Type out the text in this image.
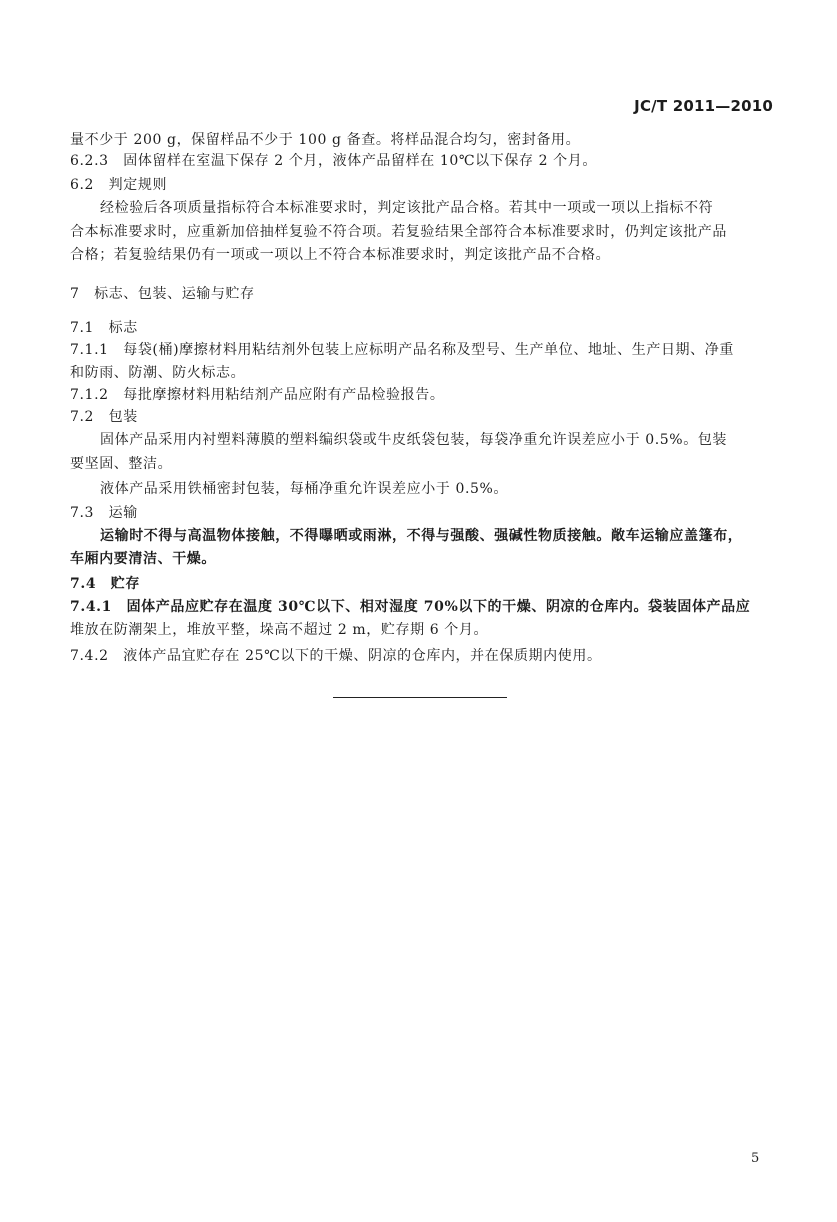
JC/T 2011—2010
量不少于 200 g，保留样品不少于 100 g 备查。将样品混合均匀，密封备用。
6.2.3　固体留样在室温下保存 2 个月，液体产品留样在 10℃以下保存 2 个月。
6.2　判定规则
经检验后各项质量指标符合本标准要求时，判定该批产品合格。若其中一项或一项以上指标不符
合本标准要求时，应重新加倍抽样复验不符合项。若复验结果全部符合本标准要求时，仍判定该批产品
合格；若复验结果仍有一项或一项以上不符合本标准要求时，判定该批产品不合格。
7　标志、包装、运输与贮存
7.1　标志
7.1.1　每袋(桶)摩擦材料用粘结剂外包装上应标明产品名称及型号、生产单位、地址、生产日期、净重
和防雨、防潮、防火标志。
7.1.2　每批摩擦材料用粘结剂产品应附有产品检验报告。
7.2　包装
固体产品采用内衬塑料薄膜的塑料编织袋或牛皮纸袋包装，每袋净重允许误差应小于 0.5%。包装
要坚固、整洁。
液体产品采用铁桶密封包装，每桶净重允许误差应小于 0.5%。
7.3　运输
运输时不得与高温物体接触，不得曝晒或雨淋，不得与强酸、强碱性物质接触。敞车运输应盖篷布，
车厢内要清洁、干燥。
7.4　贮存
7.4.1　固体产品应贮存在温度 30℃以下、相对湿度 70%以下的干燥、阴凉的仓库内。袋装固体产品应
堆放在防潮架上，堆放平整，垛高不超过 2 m，贮存期 6 个月。
7.4.2　液体产品宜贮存在 25℃以下的干燥、阴凉的仓库内，并在保质期内使用。
5
